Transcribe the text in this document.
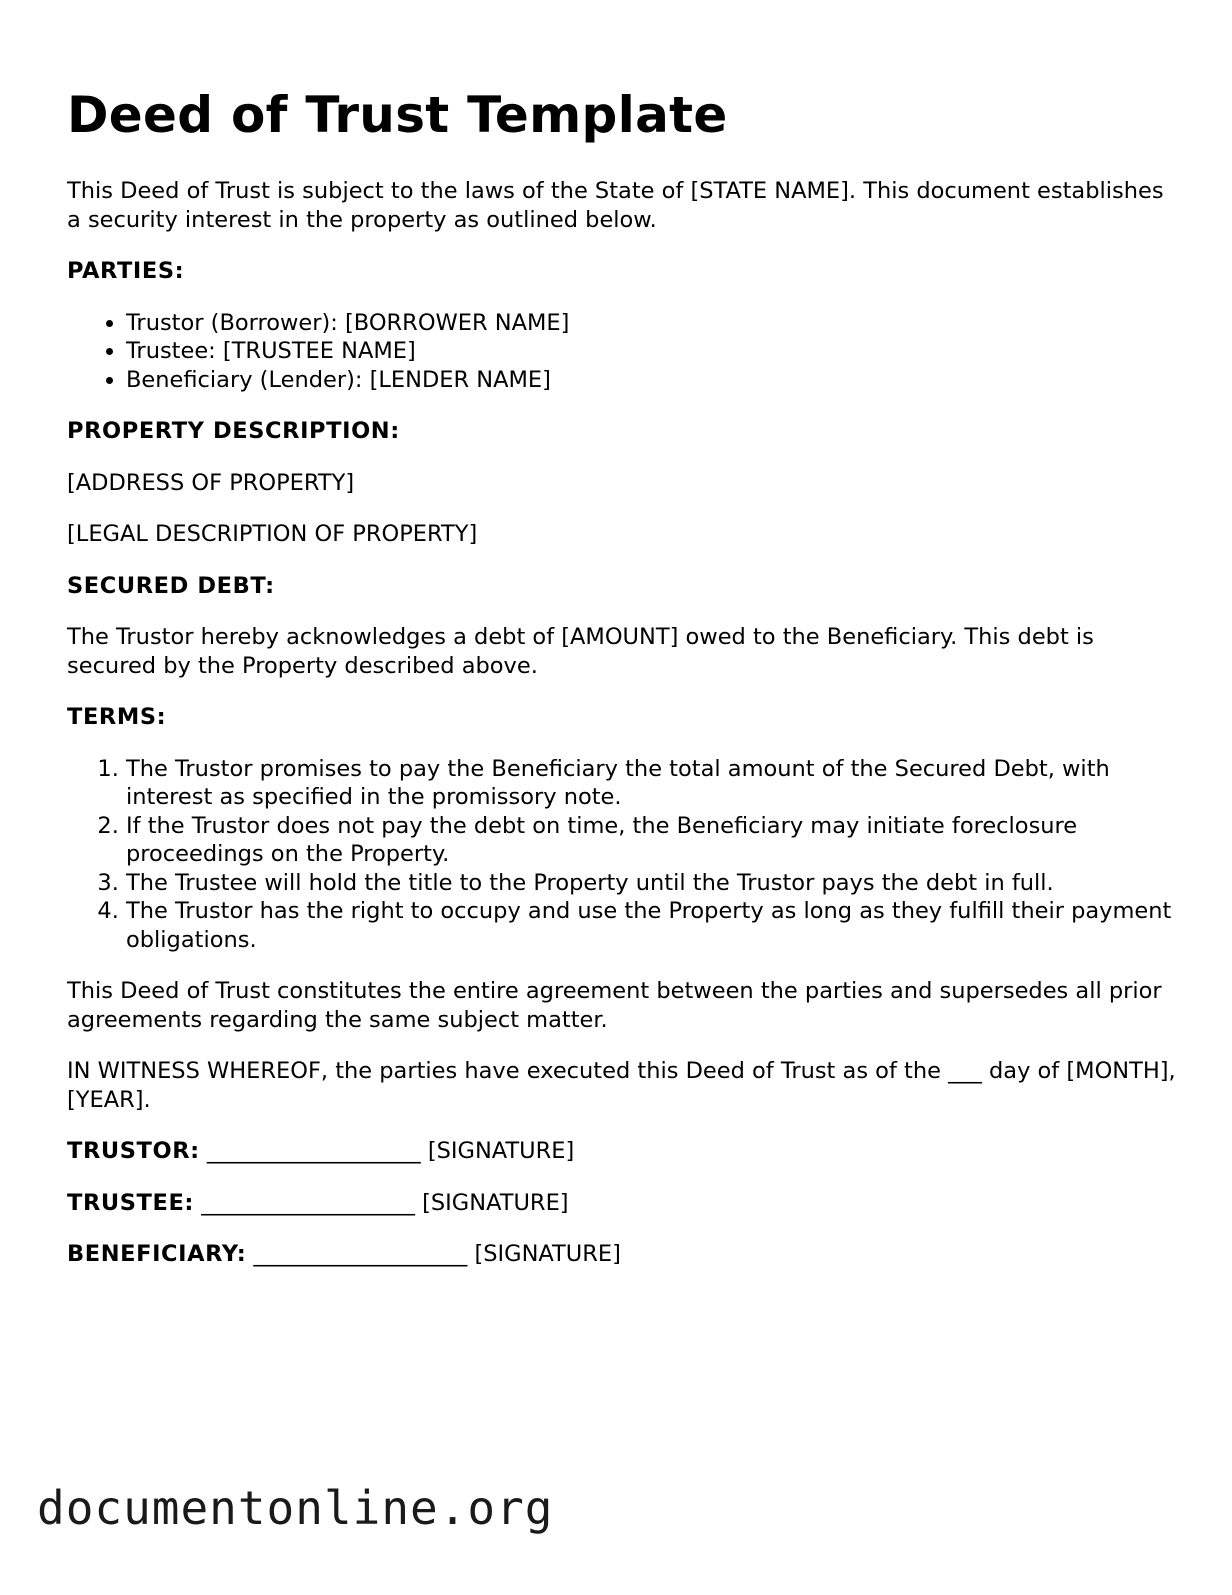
Deed of Trust Template

This Deed of Trust is subject to the laws of the State of [STATE NAME]. This document establishes a security interest in the property as outlined below.

PARTIES:

• Trustor (Borrower): [BORROWER NAME]
• Trustee: [TRUSTEE NAME]
• Beneficiary (Lender): [LENDER NAME]

PROPERTY DESCRIPTION:

[ADDRESS OF PROPERTY]

[LEGAL DESCRIPTION OF PROPERTY]

SECURED DEBT:

The Trustor hereby acknowledges a debt of [AMOUNT] owed to the Beneficiary. This debt is secured by the Property described above.

TERMS:

1. The Trustor promises to pay the Beneficiary the total amount of the Secured Debt, with interest as specified in the promissory note.
2. If the Trustor does not pay the debt on time, the Beneficiary may initiate foreclosure proceedings on the Property.
3. The Trustee will hold the title to the Property until the Trustor pays the debt in full.
4. The Trustor has the right to occupy and use the Property as long as they fulfill their payment obligations.

This Deed of Trust constitutes the entire agreement between the parties and supersedes all prior agreements regarding the same subject matter.

IN WITNESS WHEREOF, the parties have executed this Deed of Trust as of the ___ day of [MONTH], [YEAR].

TRUSTOR: ___________________ [SIGNATURE]

TRUSTEE: ___________________ [SIGNATURE]

BENEFICIARY: ___________________ [SIGNATURE]

documentonline.org
